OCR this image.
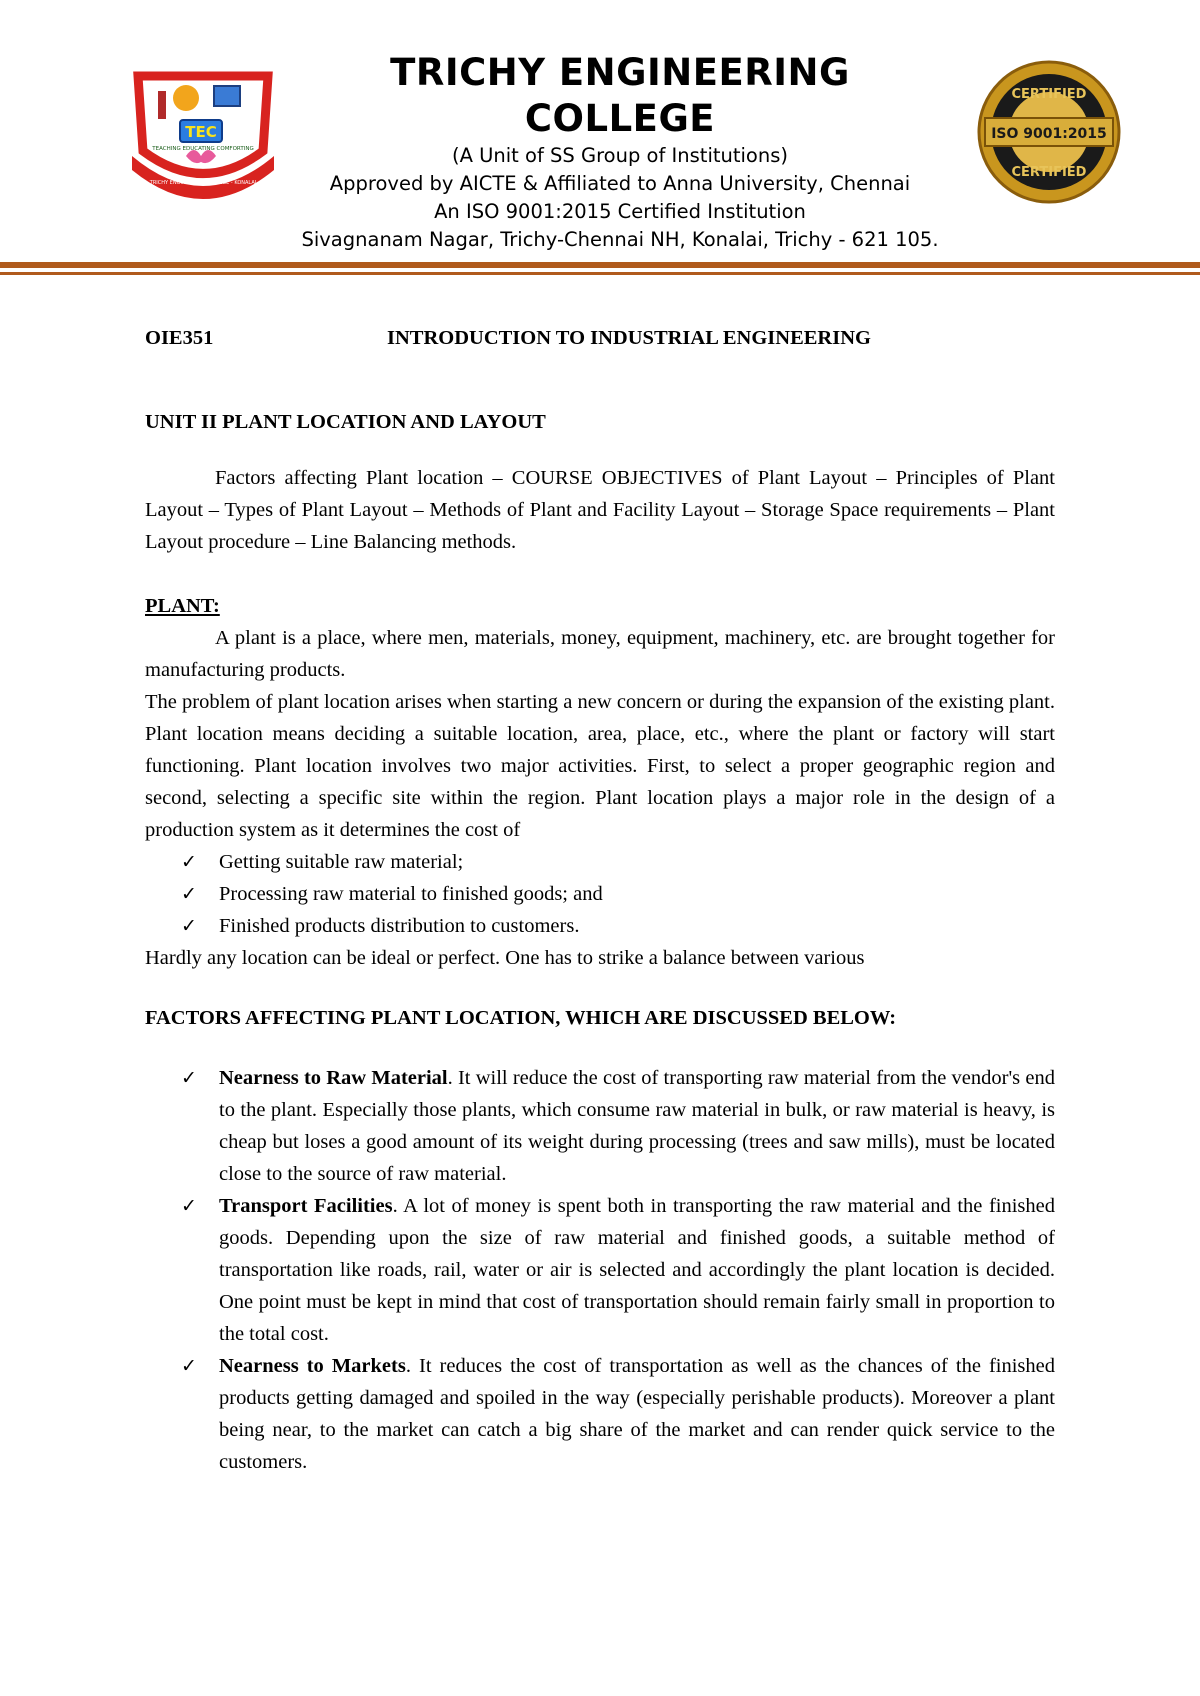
TEC
TEACHING EDUCATING COMFORTING
TRICHY ENGINEERING COLLEGE - KONALAI

TRICHY ENGINEERING COLLEGE

(A Unit of SS Group of Institutions)

Approved by AICTE & Affiliated to Anna University, Chennai

An ISO 9001:2015 Certified Institution

Sivagnanam Nagar, Trichy-Chennai NH, Konalai, Trichy - 621 105.

CERTIFIED
ISO 9001:2015
CERTIFIED

OIE351	INTRODUCTION TO INDUSTRIAL ENGINEERING

UNIT II PLANT LOCATION AND LAYOUT

Factors affecting Plant location – COURSE OBJECTIVES of Plant Layout – Principles of Plant Layout – Types of Plant Layout – Methods of Plant and Facility Layout – Storage Space requirements – Plant Layout procedure – Line Balancing methods.

PLANT:

A plant is a place, where men, materials, money, equipment, machinery, etc. are brought together for manufacturing products.

The problem of plant location arises when starting a new concern or during the expansion of the existing plant. Plant location means deciding a suitable location, area, place, etc., where the plant or factory will start functioning. Plant location involves two major activities. First, to select a proper geographic region and second, selecting a specific site within the region. Plant location plays a major role in the design of a production system as it determines the cost of

✓ Getting suitable raw material;
✓ Processing raw material to finished goods; and
✓ Finished products distribution to customers.

Hardly any location can be ideal or perfect. One has to strike a balance between various

FACTORS AFFECTING PLANT LOCATION, WHICH ARE DISCUSSED BELOW:

✓ Nearness to Raw Material. It will reduce the cost of transporting raw material from the vendor's end to the plant. Especially those plants, which consume raw material in bulk, or raw material is heavy, is cheap but loses a good amount of its weight during processing (trees and saw mills), must be located close to the source of raw material.
✓ Transport Facilities. A lot of money is spent both in transporting the raw material and the finished goods. Depending upon the size of raw material and finished goods, a suitable method of transportation like roads, rail, water or air is selected and accordingly the plant location is decided. One point must be kept in mind that cost of transportation should remain fairly small in proportion to the total cost.
✓ Nearness to Markets. It reduces the cost of transportation as well as the chances of the finished products getting damaged and spoiled in the way (especially perishable products). Moreover a plant being near, to the market can catch a big share of the market and can render quick service to the customers.
